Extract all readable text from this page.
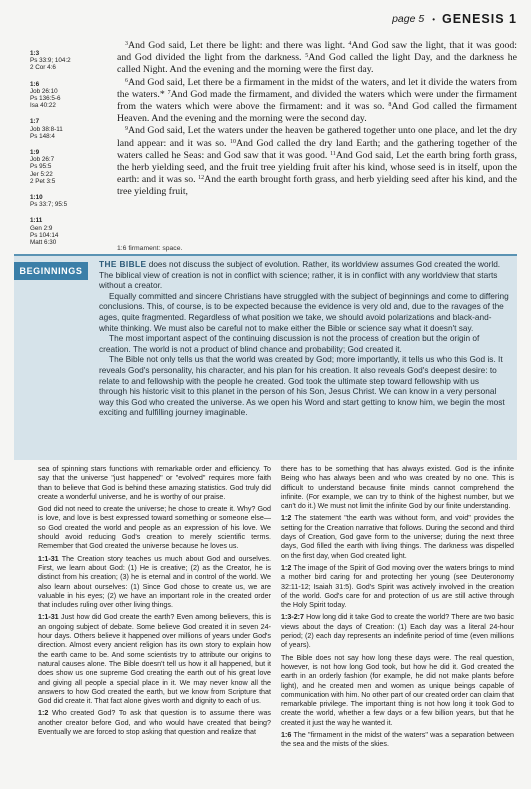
page 5 • GENESIS 1
1:3
Ps 33:9; 104:2
2 Cor 4:6
1:6
Job 26:10
Ps 136:5-6
Isa 40:22
1:7
Job 38:8-11
Ps 148:4
1:9
Job 26:7
Ps 95:5
Jer 5:22
2 Pet 3:5
1:10
Ps 33:7; 95:5
1:11
Gen 2:9
Ps 104:14
Matt 6:30

$^3$And God said, Let there be light: and there was light. $^4$And God saw the light, that it was good: and God divided the light from the darkness. $^5$And God called the light Day, and the darkness he called Night. And the evening and the morning were the first day.

$^6$And God said, Let there be a firmament in the midst of the waters, and let it divide the waters from the waters.* $^7$And God made the firmament, and divided the waters which were under the firmament from the waters which were above the firmament: and it was so. $^8$And God called the firmament Heaven. And the evening and the morning were the second day.

$^9$And God said, Let the waters under the heaven be gathered together unto one place, and let the dry land appear: and it was so. $^{10}$And God called the dry land Earth; and the gathering together of the waters called he Seas: and God saw that it was good. $^{11}$And God said, Let the earth bring forth grass, the herb yielding seed, and the fruit tree yielding fruit after his kind, whose seed is in itself, upon the earth: and it was so. $^{12}$And the earth brought forth grass, and herb yielding seed after his kind, and the tree yielding fruit,

1:6 firmament: space.
BEGINNINGS

THE BIBLE does not discuss the subject of evolution. Rather, its worldview assumes God created the world. The biblical view of creation is not in conflict with science; rather, it is in conflict with any worldview that starts without a creator.

Equally committed and sincere Christians have struggled with the subject of beginnings and come to differing conclusions. This, of course, is to be expected because the evidence is very old and, due to the ravages of the ages, quite fragmented. Regardless of what position we take, we should avoid polarizations and black-and-white thinking. We must also be careful not to make either the Bible or science say what it doesn't say.

The most important aspect of the continuing discussion is not the process of creation but the origin of creation. The world is not a product of blind chance and probability; God created it.

The Bible not only tells us that the world was created by God; more importantly, it tells us who this God is. It reveals God's personality, his character, and his plan for his creation. It also reveals God's deepest desire: to relate to and fellowship with the people he created. God took the ultimate step toward fellowship with us through his historic visit to this planet in the person of his Son, Jesus Christ. We can know in a very personal way this God who created the universe. As we open his Word and start getting to know him, we begin the most exciting and fulfilling journey imaginable.

sea of spinning stars functions with remarkable order and efficiency. To say that the universe "just happened" or "evolved" requires more faith than to believe that God is behind these amazing statistics. God truly did create a wonderful universe, and he is worthy of our praise.

God did not need to create the universe; he chose to create it. Why? God is love, and love is best expressed toward something or someone else—so God created the world and people as an expression of his love. We should avoid reducing God's creation to merely scientific terms. Remember that God created the universe because he loves us.

1:1-31 The Creation story teaches us much about God and ourselves. First, we learn about God: (1) He is creative; (2) as the Creator, he is distinct from his creation; (3) he is eternal and in control of the world. We also learn about ourselves: (1) Since God chose to create us, we are valuable in his eyes; (2) we have an important role in the created order that includes ruling over other living things.

1:1-31 Just how did God create the earth? Even among believers, this is an ongoing subject of debate. Some believe God created it in seven 24-hour days. Others believe it happened over millions of years under God's direction. Almost every ancient religion has its own story to explain how the earth came to be. And some scientists try to attribute our origins to natural causes alone. The Bible doesn't tell us how it all happened, but it does show us one supreme God creating the earth out of his great love and giving all people a special place in it. We may never know all the answers to how God created the earth, but we know from Scripture that God did create it. That fact alone gives worth and dignity to each of us.

1:2 Who created God? To ask that question is to assume there was another creator before God, and who would have created that being? Eventually we are forced to stop asking that question and realize that

there has to be something that has always existed. God is the infinite Being who has always been and who was created by no one. This is difficult to understand because finite minds cannot comprehend the infinite. (For example, we can try to think of the highest number, but we can't do it.) We must not limit the infinite God by our finite understanding.

1:2 The statement "the earth was without form, and void" provides the setting for the Creation narrative that follows. During the second and third days of Creation, God gave form to the universe; during the next three days, God filled the earth with living things. The darkness was dispelled on the first day, when God created light.

1:2 The image of the Spirit of God moving over the waters brings to mind a mother bird caring for and protecting her young (see Deuteronomy 32:11-12; Isaiah 31:5). God's Spirit was actively involved in the creation of the world. God's care for and protection of us are still active through the Holy Spirit today.

1:3-2:7 How long did it take God to create the world? There are two basic views about the days of Creation: (1) Each day was a literal 24-hour period; (2) each day represents an indefinite period of time (even millions of years).

The Bible does not say how long these days were. The real question, however, is not how long God took, but how he did it. God created the earth in an orderly fashion (for example, he did not make plants before light), and he created men and women as unique beings capable of communication with him. No other part of our created order can claim that remarkable privilege. The important thing is not how long it took God to create the world, whether a few days or a few billion years, but that he created it just the way he wanted it.

1:6 The "firmament in the midst of the waters" was a separation between the sea and the mists of the skies.
